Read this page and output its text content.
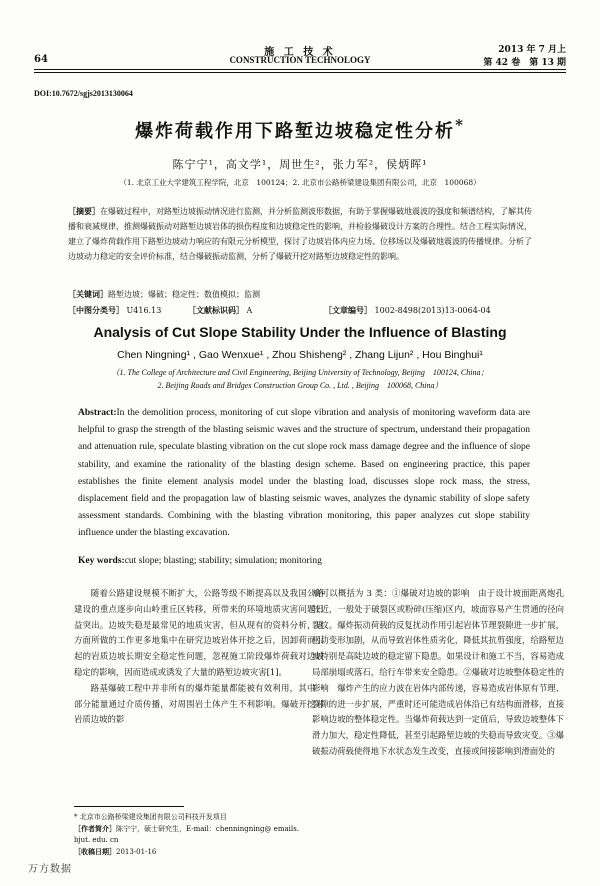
64
施 工 技 术
CONSTRUCTION TECHNOLOGY
2013 年 7 月上
第 42 卷　第 13 期
DOI:10.7672/sgjs2013130064
爆炸荷载作用下路堑边坡稳定性分析*
陈宁宁¹，高文学¹，周世生²，张力军²，侯炳晖¹
（1. 北京工业大学建筑工程学院，北京　100124；2. 北京市公路桥梁建设集团有限公司，北京　100068）
［摘要］在爆破过程中，对路堑边坡振动情况进行监测，并分析监测波形数据，有助于掌握爆破地震波的强度和频谱结构，了解其传播和衰减规律，推测爆破振动对路堑边坡岩体的损伤程度和边坡稳定性的影响，并检验爆破设计方案的合理性。结合工程实际情况，建立了爆炸荷载作用下路堑边坡动力响应的有限元分析模型，探讨了边坡岩体内应力场、位移场以及爆破地震波的传播规律。分析了边坡动力稳定的安全评价标准，结合爆破振动监测，分析了爆破开挖对路堑边坡稳定性的影响。
［关键词］路堑边坡；爆破；稳定性；数值模拟；监测
［中图分类号］ U416.13	［文献标识码］ A	［文章编号］ 1002-8498(2013)13-0064-04
Analysis of Cut Slope Stability Under the Influence of Blasting
Chen Ningning¹ , Gao Wenxue¹ , Zhou Shisheng² , Zhang Lijun² , Hou Binghui¹
（1. The College of Architecture and Civil Engineering, Beijing University of Technology, Beijing　100124, China；
2. Beijing Roads and Bridges Construction Group Co. , Ltd. , Beijing　100068, China）
Abstract:In the demolition process, monitoring of cut slope vibration and analysis of monitoring waveform data are helpful to grasp the strength of the blasting seismic waves and the structure of spectrum, understand their propagation and attenuation rule, speculate blasting vibration on the cut slope rock mass damage degree and the influence of slope stability, and examine the rationality of the blasting design scheme. Based on engineering practice, this paper establishes the finite element analysis model under the blasting load, discusses slope rock mass, the stress, displacement field and the propagation law of blasting seismic waves, analyzes the dynamic stability of slope safety assessment standards. Combining with the blasting vibration monitoring, this paper analyzes cut slope stability influence under the blasting excavation.
Key words:cut slope; blasting; stability; simulation; monitoring

随着公路建设规模不断扩大，公路等级不断提高以及我国公路建设的重点逐步向山岭重丘区转移，所带来的环境地质灾害问题日益突出。边坡失稳是最常见的地质灾害，但从现有的资料分析，这方面所做的工作更多地集中在研究边坡岩体开挖之后，因卸荷而引起的岩质边坡长期安全稳定性问题，忽视施工阶段爆炸荷载对边坡稳定的影响，因而造成或诱发了大量的路堑边坡灾害[1]。

路基爆破工程中并非所有的爆炸能量都能被有效利用，其中一部分能量通过介质传播，对周围岩土体产生不利影响。爆破开挖对岩质边坡的影

响可以概括为 3 类：①爆破对边坡的影响　由于设计坡面距离炮孔较近，一般处于破裂区或粉碎(压缩)区内，坡面容易产生贯通的径向裂纹。爆炸振动荷载的反复扰动作用引起岩体节理裂隙进一步扩展，松动变形加剧，从而导致岩体性质劣化，降低其抗剪强度，给路堑边坡特别是高陡边坡的稳定留下隐患。如果设计和施工不当，容易造成局部崩塌或落石，给行车带来安全隐患。②爆破对边坡整体稳定性的影响　爆炸产生的应力波在岩体内部传递，容易造成岩体原有节理、裂隙的进一步扩展，严重时还可能造成岩体沿已有结构面滑移，直接影响边坡的整体稳定性。当爆炸荷载达到一定值后，导致边坡整体下滑力加大，稳定性降低，甚至引起路堑边坡的失稳而导致灾变。③爆破振动荷载使得地下水状态发生改变，直接或间接影响到滑面处的
* 北京市公路桥梁建设集团有限公司科技开发项目
［作者简介］陈宁宁，硕士研究生，E-mail：chenningning@ emails. bjut. edu. cn
［收稿日期］2013-01-16
万方数据
